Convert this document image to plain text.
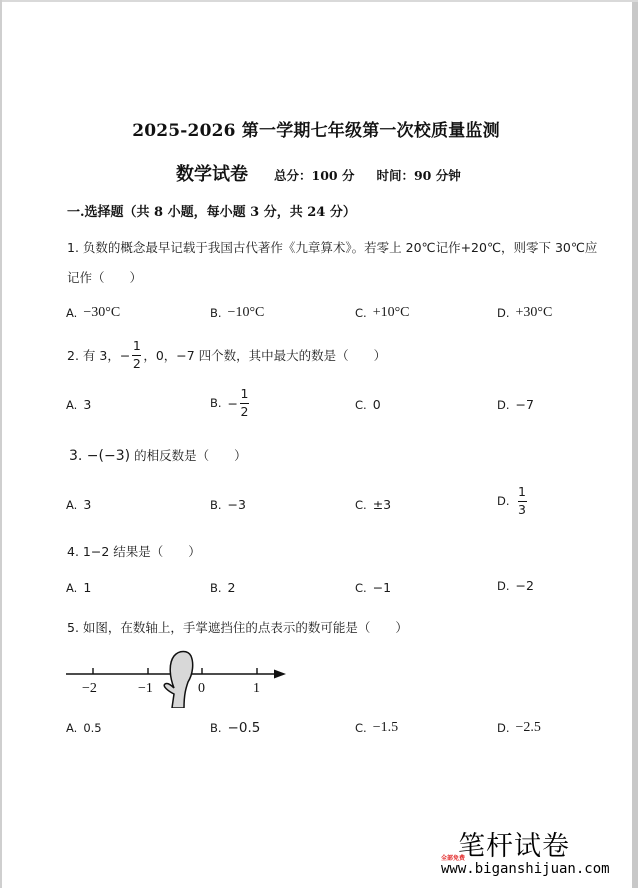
2025-2026 第一学期七年级第一次校质量监测
数学试卷 总分：100 分 时间：90 分钟
一.选择题（共 8 小题，每小题 3 分，共 24 分）
1. 负数的概念最早记载于我国古代著作《九章算术》。若零上 20℃记作+20℃，则零下 30℃应
记作（　　）
A. −30°C	B. −10°C	C. +10°C	D. +30°C
2. 有 3， − $\frac{1}{2}$ ，0，−7 四个数，其中最大的数是（　　）
A. 3	B. − $\frac{1}{2}$	C. 0	D. −7
3. −(−3) 的相反数是（　　）
A. 3	B. −3	C. ±3	D. $\frac{1}{3}$
4. 1−2 结果是（　　）
A. 1	B. 2	C. −1	D. −2
5. 如图，在数轴上，手掌遮挡住的点表示的数可能是（　　）
−2	−1	0	1
A. 0.5	B. −0.5	C. −1.5	D. −2.5
笔杆试卷
全部免费
www.biganshijuan.com
